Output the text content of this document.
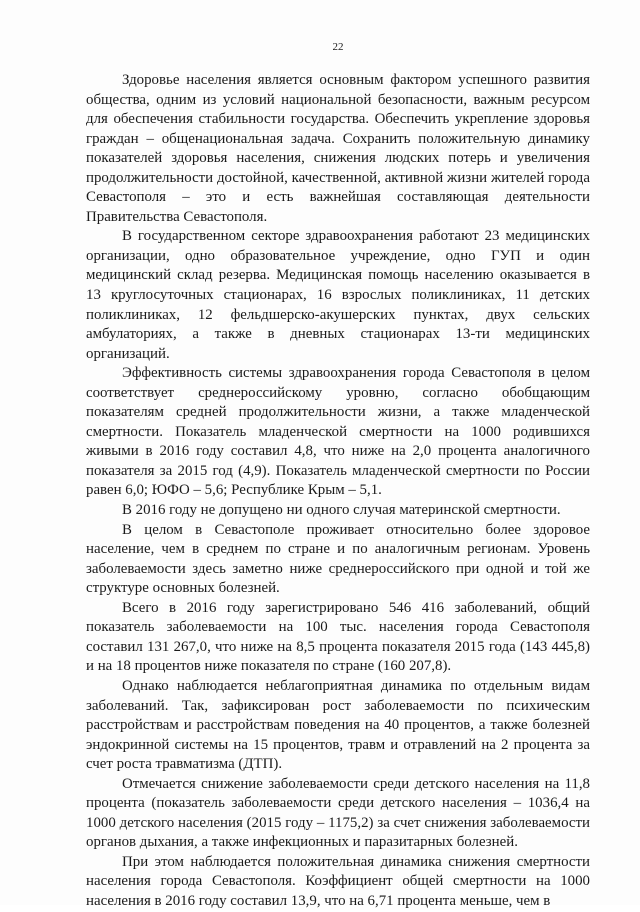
22

Здоровье населения является основным фактором успешного развития общества, одним из условий национальной безопасности, важным ресурсом для обеспечения стабильности государства. Обеспечить укрепление здоровья граждан – общенациональная задача. Сохранить положительную динамику показателей здоровья населения, снижения людских потерь и увеличения продолжительности достойной, качественной, активной жизни жителей города Севастополя – это и есть важнейшая составляющая деятельности Правительства Севастополя.

В государственном секторе здравоохранения работают 23 медицинских организации, одно образовательное учреждение, одно ГУП и один медицинский склад резерва. Медицинская помощь населению оказывается в 13 круглосуточных стационарах, 16 взрослых поликлиниках, 11 детских поликлиниках, 12 фельдшерско-акушерских пунктах, двух сельских амбулаториях, а также в дневных стационарах 13-ти медицинских организаций.

Эффективность системы здравоохранения города Севастополя в целом соответствует среднероссийскому уровню, согласно обобщающим показателям средней продолжительности жизни, а также младенческой смертности. Показатель младенческой смертности на 1000 родившихся живыми в 2016 году составил 4,8, что ниже на 2,0 процента аналогичного показателя за 2015 год (4,9). Показатель младенческой смертности по России равен 6,0; ЮФО – 5,6; Республике Крым – 5,1.

В 2016 году не допущено ни одного случая материнской смертности.

В целом в Севастополе проживает относительно более здоровое население, чем в среднем по стране и по аналогичным регионам. Уровень заболеваемости здесь заметно ниже среднероссийского при одной и той же структуре основных болезней.

Всего в 2016 году зарегистрировано 546 416 заболеваний, общий показатель заболеваемости на 100 тыс. населения города Севастополя составил 131 267,0, что ниже на 8,5 процента показателя 2015 года (143 445,8) и на 18 процентов ниже показателя по стране (160 207,8).

Однако наблюдается неблагоприятная динамика по отдельным видам заболеваний. Так, зафиксирован рост заболеваемости по психическим расстройствам и расстройствам поведения на 40 процентов, а также болезней эндокринной системы на 15 процентов, травм и отравлений на 2 процента за счет роста травматизма (ДТП).

Отмечается снижение заболеваемости среди детского населения на 11,8 процента (показатель заболеваемости среди детского населения – 1036,4 на 1000 детского населения (2015 году – 1175,2) за счет снижения заболеваемости органов дыхания, а также инфекционных и паразитарных болезней.

При этом наблюдается положительная динамика снижения смертности населения города Севастополя. Коэффициент общей смертности на 1000 населения в 2016 году составил 13,9, что на 6,71 процента меньше, чем в
